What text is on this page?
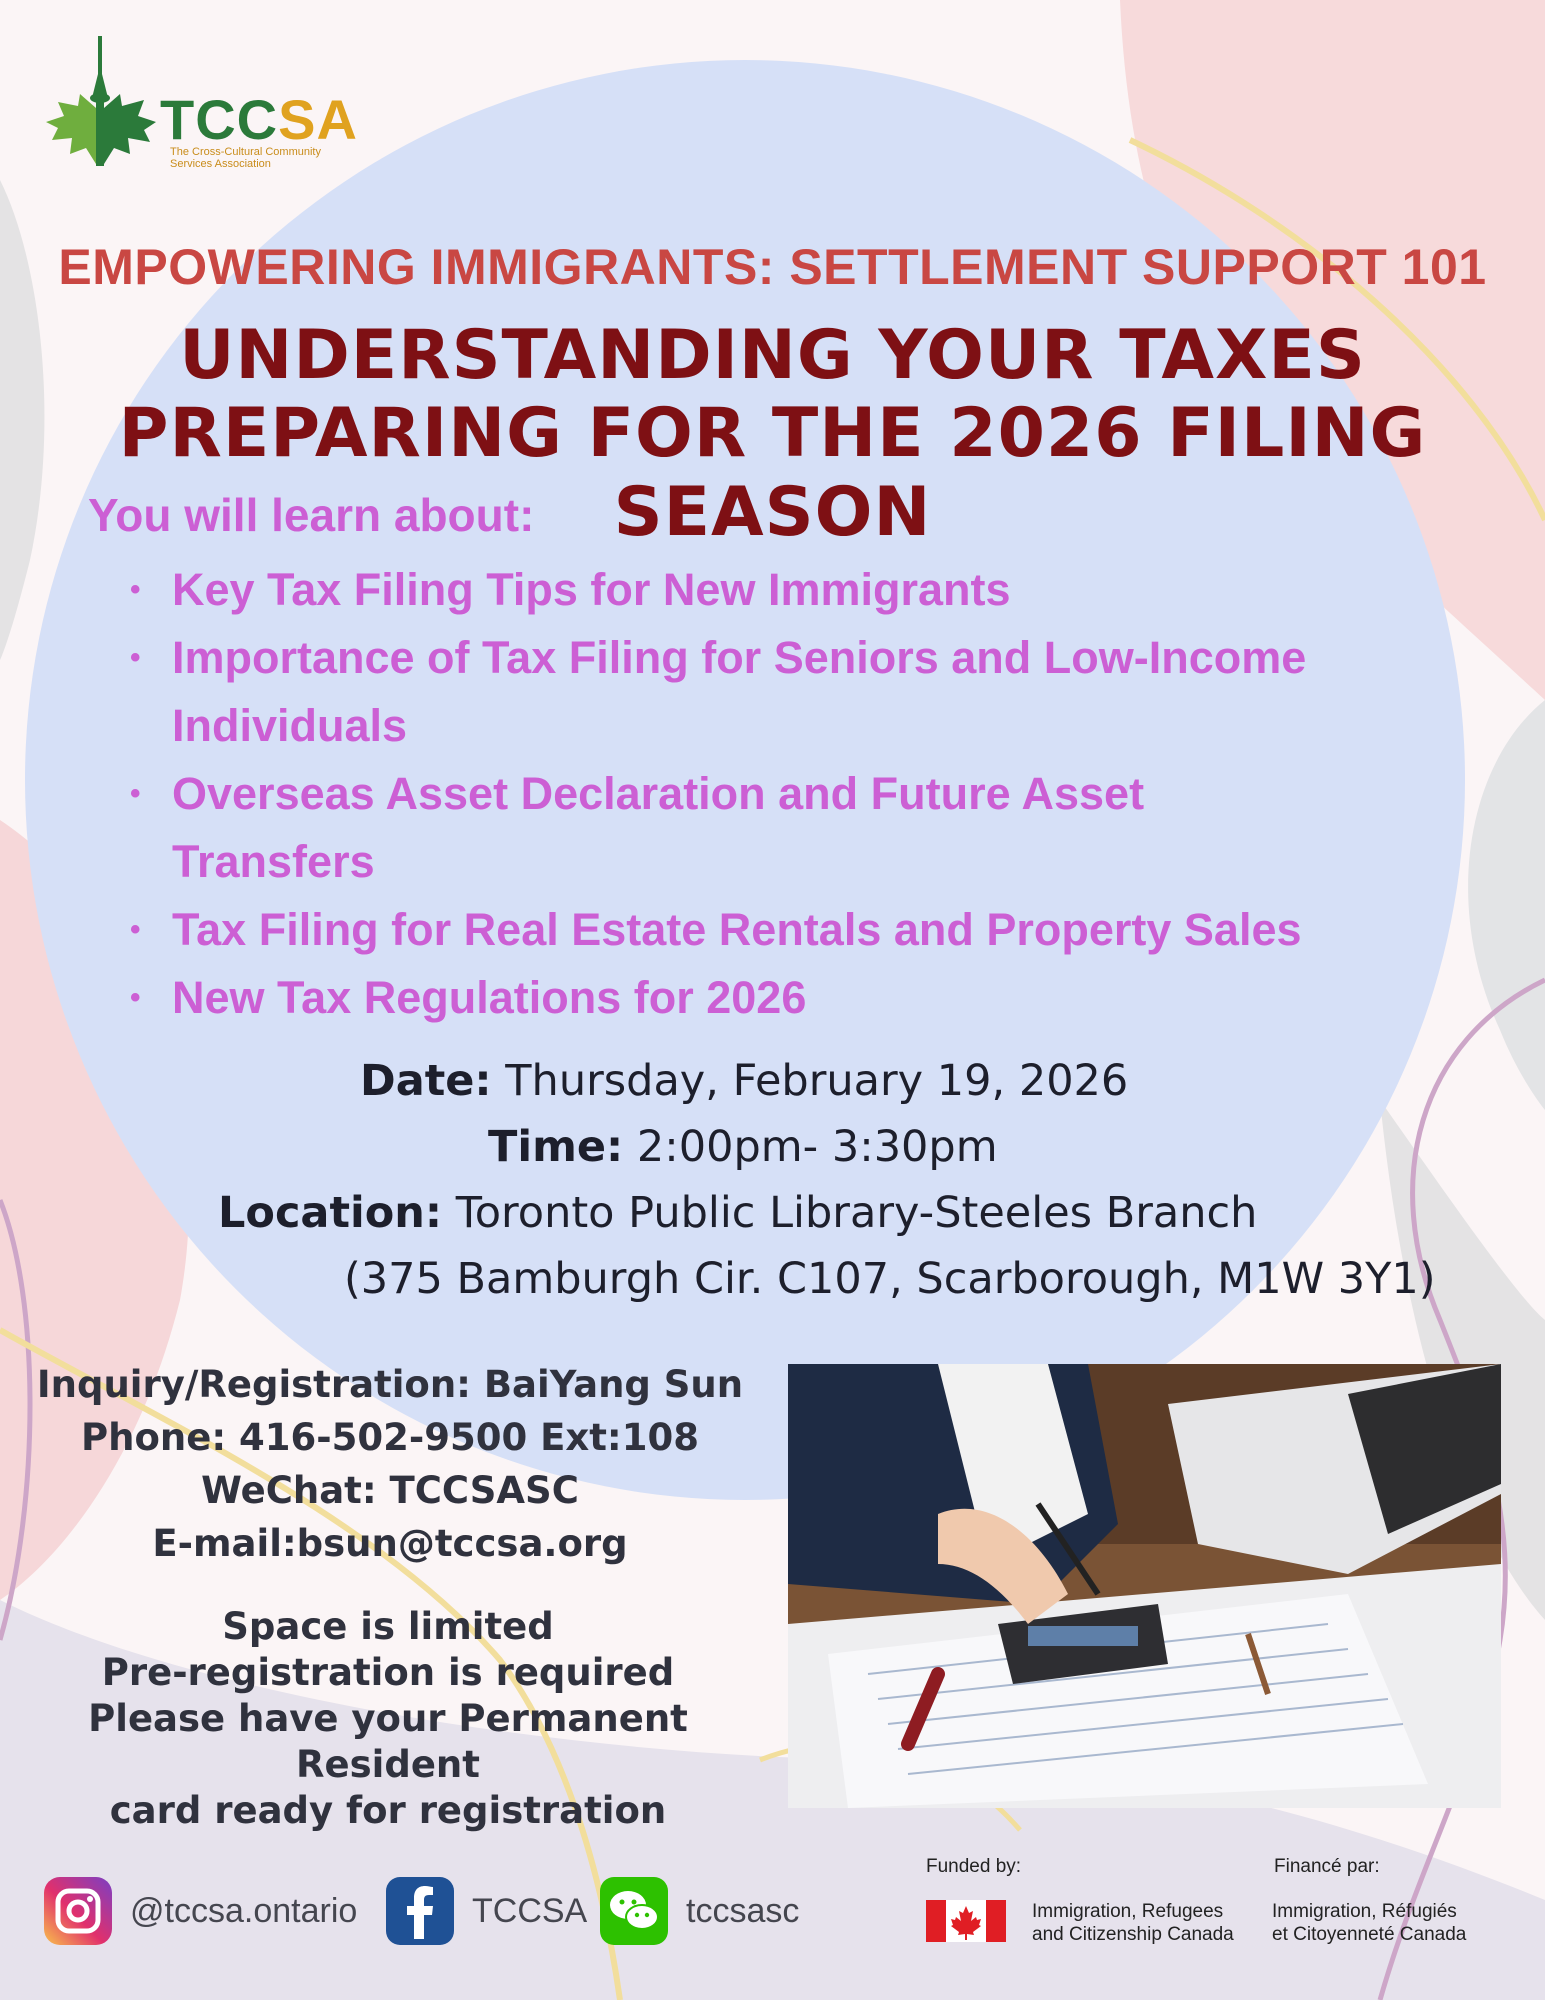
TCCSA
The Cross-Cultural Community
Services Association
EMPOWERING IMMIGRANTS: SETTLEMENT SUPPORT 101
UNDERSTANDING YOUR TAXES
PREPARING FOR THE 2026 FILING SEASON
You will learn about:
• Key Tax Filing Tips for New Immigrants
• Importance of Tax Filing for Seniors and Low-Income
Individuals
• Overseas Asset Declaration and Future Asset
Transfers
• Tax Filing for Real Estate Rentals and Property Sales
• New Tax Regulations for 2026
Date: Thursday, February 19, 2026
Time: 2:00pm- 3:30pm
Location: Toronto Public Library-Steeles Branch
(375 Bamburgh Cir. C107, Scarborough, M1W 3Y1)
Inquiry/Registration: BaiYang Sun
Phone: 416-502-9500 Ext:108
WeChat: TCCSASC
E-mail:bsun@tccsa.org
Space is limited
Pre-registration is required
Please have your Permanent Resident
card ready for registration
@tccsa.ontario	TCCSA	tccsasc
Funded by:	Financé par:
Immigration, Refugees
and Citizenship Canada
Immigration, Réfugiés
et Citoyenneté Canada
